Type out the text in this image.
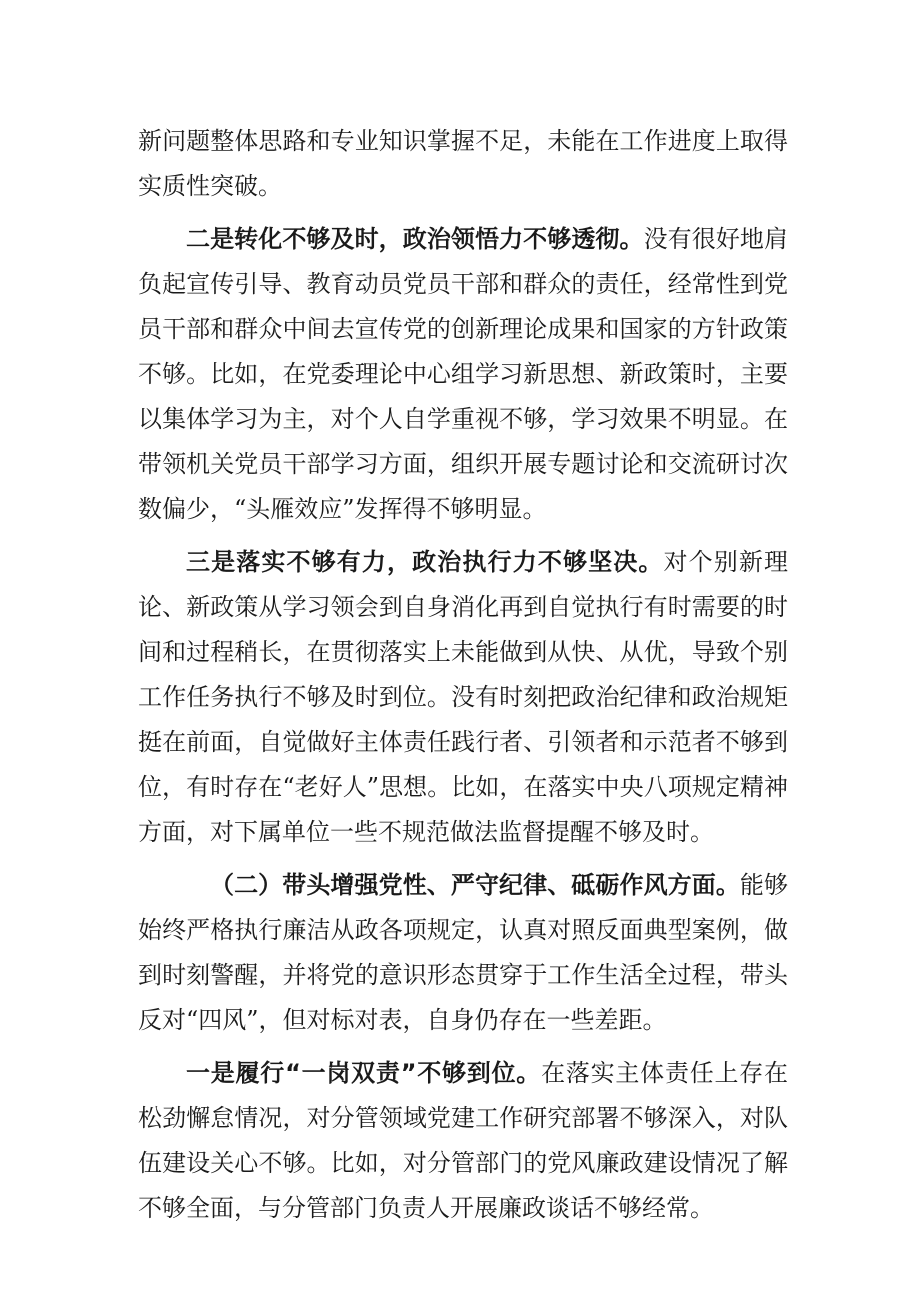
新问题整体思路和专业知识掌握不足，未能在工作进度上取得实质性突破。

二是转化不够及时，政治领悟力不够透彻。没有很好地肩负起宣传引导、教育动员党员干部和群众的责任，经常性到党员干部和群众中间去宣传党的创新理论成果和国家的方针政策不够。比如，在党委理论中心组学习新思想、新政策时，主要以集体学习为主，对个人自学重视不够，学习效果不明显。在带领机关党员干部学习方面，组织开展专题讨论和交流研讨次数偏少，“头雁效应”发挥得不够明显。

三是落实不够有力，政治执行力不够坚决。对个别新理论、新政策从学习领会到自身消化再到自觉执行有时需要的时间和过程稍长，在贯彻落实上未能做到从快、从优，导致个别工作任务执行不够及时到位。没有时刻把政治纪律和政治规矩挺在前面，自觉做好主体责任践行者、引领者和示范者不够到位，有时存在“老好人”思想。比如，在落实中央八项规定精神方面，对下属单位一些不规范做法监督提醒不够及时。

（二）带头增强党性、严守纪律、砥砺作风方面。能够始终严格执行廉洁从政各项规定，认真对照反面典型案例，做到时刻警醒，并将党的意识形态贯穿于工作生活全过程，带头反对“四风”，但对标对表，自身仍存在一些差距。

一是履行“一岗双责”不够到位。在落实主体责任上存在松劲懈怠情况，对分管领域党建工作研究部署不够深入，对队伍建设关心不够。比如，对分管部门的党风廉政建设情况了解不够全面，与分管部门负责人开展廉政谈话不够经常。
